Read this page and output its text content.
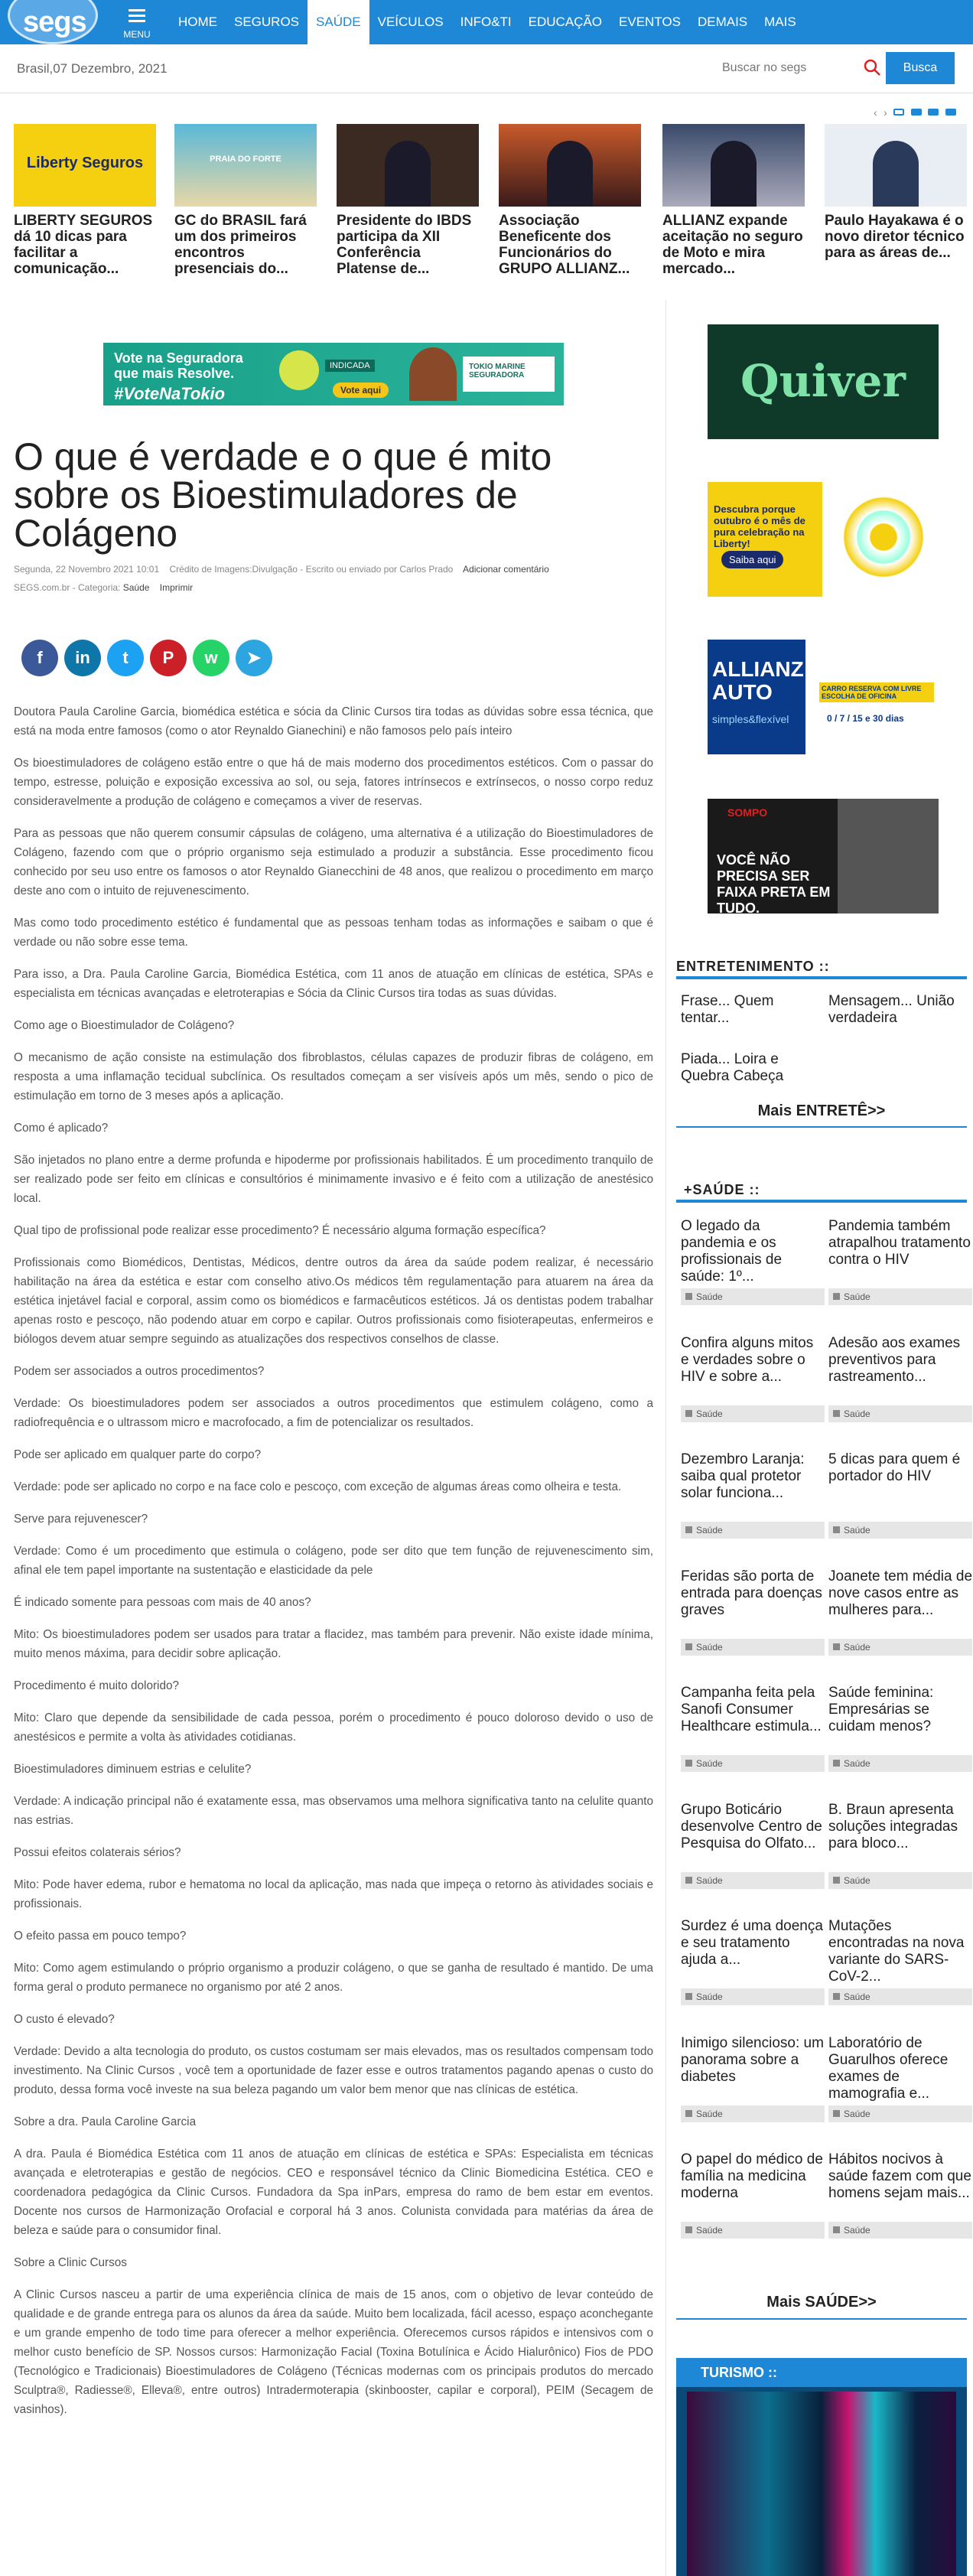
segs	MENU
HOME	SEGUROS	SAÚDE	VEÍCULOS	INFO&TI	EDUCAÇÃO	EVENTOS	DEMAIS	MAIS
Brasil,07 Dezembro, 2021
Buscar no segs	Busca
‹ ›
Liberty Seguros
LIBERTY SEGUROS dá 10 dicas para facilitar a comunicação...
PRAIA DO FORTE
GC do BRASIL fará um dos primeiros encontros presenciais do...
Presidente do IBDS participa da XII Conferência Platense de...
Associação Beneficente dos Funcionários do GRUPO ALLIANZ...
ALLIANZ expande aceitação no seguro de Moto e mira mercado...
Paulo Hayakawa é o novo diretor técnico para as áreas de...
Vote na Seguradora
que mais Resolve.
#VoteNaTokio
INDICADA
Vote aqui
TOKIO MARINE SEGURADORA
O que é verdade e o que é mito sobre os Bioestimuladores de Colágeno
Segunda, 22 Novembro 2021 10:01 Crédito de Imagens:Divulgação - Escrito ou enviado por Carlos Prado Adicionar comentário
SEGS.com.br - Categoria: Saúde Imprimir
f in t P w ➤

Doutora Paula Caroline Garcia, biomédica estética e sócia da Clinic Cursos tira todas as dúvidas sobre essa técnica, que está na moda entre famosos (como o ator Reynaldo Gianechini) e não famosos pelo país inteiro

Os bioestimuladores de colágeno estão entre o que há de mais moderno dos procedimentos estéticos. Com o passar do tempo, estresse, poluição e exposição excessiva ao sol, ou seja, fatores intrínsecos e extrínsecos, o nosso corpo reduz consideravelmente a produção de colágeno e começamos a viver de reservas.

Para as pessoas que não querem consumir cápsulas de colágeno, uma alternativa é a utilização do Bioestimuladores de Colágeno, fazendo com que o próprio organismo seja estimulado a produzir a substância. Esse procedimento ficou conhecido por seu uso entre os famosos o ator Reynaldo Gianecchini de 48 anos, que realizou o procedimento em março deste ano com o intuito de rejuvenescimento.

Mas como todo procedimento estético é fundamental que as pessoas tenham todas as informações e saibam o que é verdade ou não sobre esse tema.

Para isso, a Dra. Paula Caroline Garcia, Biomédica Estética, com 11 anos de atuação em clínicas de estética, SPAs e especialista em técnicas avançadas e eletroterapias e Sócia da Clinic Cursos tira todas as suas dúvidas.

Como age o Bioestimulador de Colágeno?

O mecanismo de ação consiste na estimulação dos fibroblastos, células capazes de produzir fibras de colágeno, em resposta a uma inflamação tecidual subclínica. Os resultados começam a ser visíveis após um mês, sendo o pico de estimulação em torno de 3 meses após a aplicação.

Como é aplicado?

São injetados no plano entre a derme profunda e hipoderme por profissionais habilitados. É um procedimento tranquilo de ser realizado pode ser feito em clínicas e consultórios é minimamente invasivo e é feito com a utilização de anestésico local.

Qual tipo de profissional pode realizar esse procedimento? É necessário alguma formação específica?

Profissionais como Biomédicos, Dentistas, Médicos, dentre outros da área da saúde podem realizar, é necessário habilitação na área da estética e estar com conselho ativo.Os médicos têm regulamentação para atuarem na área da estética injetável facial e corporal, assim como os biomédicos e farmacêuticos estéticos. Já os dentistas podem trabalhar apenas rosto e pescoço, não podendo atuar em corpo e capilar. Outros profissionais como fisioterapeutas, enfermeiros e biólogos devem atuar sempre seguindo as atualizações dos respectivos conselhos de classe.

Podem ser associados a outros procedimentos?

Verdade: Os bioestimuladores podem ser associados a outros procedimentos que estimulem colágeno, como a radiofrequência e o ultrassom micro e macrofocado, a fim de potencializar os resultados.

Pode ser aplicado em qualquer parte do corpo?

Verdade: pode ser aplicado no corpo e na face colo e pescoço, com exceção de algumas áreas como olheira e testa.

Serve para rejuvenescer?

Verdade: Como é um procedimento que estimula o colágeno, pode ser dito que tem função de rejuvenescimento sim, afinal ele tem papel importante na sustentação e elasticidade da pele

É indicado somente para pessoas com mais de 40 anos?

Mito: Os bioestimuladores podem ser usados para tratar a flacidez, mas também para prevenir. Não existe idade mínima, muito menos máxima, para decidir sobre aplicação.

Procedimento é muito dolorido?

Mito: Claro que depende da sensibilidade de cada pessoa, porém o procedimento é pouco doloroso devido o uso de anestésicos e permite a volta às atividades cotidianas.

Bioestimuladores diminuem estrias e celulite?

Verdade: A indicação principal não é exatamente essa, mas observamos uma melhora significativa tanto na celulite quanto nas estrias.

Possui efeitos colaterais sérios?

Mito: Pode haver edema, rubor e hematoma no local da aplicação, mas nada que impeça o retorno às atividades sociais e profissionais.

O efeito passa em pouco tempo?

Mito: Como agem estimulando o próprio organismo a produzir colágeno, o que se ganha de resultado é mantido. De uma forma geral o produto permanece no organismo por até 2 anos.

O custo é elevado?

Verdade: Devido a alta tecnologia do produto, os custos costumam ser mais elevados, mas os resultados compensam todo investimento. Na Clinic Cursos , você tem a oportunidade de fazer esse e outros tratamentos pagando apenas o custo do produto, dessa forma você investe na sua beleza pagando um valor bem menor que nas clínicas de estética.

Sobre a dra. Paula Caroline Garcia

A dra. Paula é Biomédica Estética com 11 anos de atuação em clínicas de estética e SPAs: Especialista em técnicas avançada e eletroterapias e gestão de negócios. CEO e responsável técnico da Clinic Biomedicina Estética. CEO e coordenadora pedagógica da Clinic Cursos. Fundadora da Spa inPars, empresa do ramo de bem estar em eventos. Docente nos cursos de Harmonização Orofacial e corporal há 3 anos. Colunista convidada para matérias da área de beleza e saúde para o consumidor final.

Sobre a Clinic Cursos

A Clinic Cursos nasceu a partir de uma experiência clínica de mais de 15 anos, com o objetivo de levar conteúdo de qualidade e de grande entrega para os alunos da área da saúde. Muito bem localizada, fácil acesso, espaço aconchegante e um grande empenho de todo time para oferecer a melhor experiência. Oferecemos cursos rápidos e intensivos com o melhor custo benefício de SP. Nossos cursos: Harmonização Facial (Toxina Botulínica e Ácido Hialurônico) Fios de PDO (Tecnológico e Tradicionais) Bioestimuladores de Colágeno (Técnicas modernas com os principais produtos do mercado Sculptra®, Radiesse®, Elleva®, entre outros) Intradermoterapia (skinbooster, capilar e corporal), PEIM (Secagem de vasinhos).

Quiver
Descubra porque outubro é o mês de pura celebração na Liberty!
Saiba aqui
ALLIANZ AUTO
simples&flexível
CARRO RESERVA COM LIVRE ESCOLHA DE OFICINA
0 / 7 / 15 e 30 dias
SOMPO
VOCÊ NÃO PRECISA SER FAIXA PRETA EM TUDO.
ENTRETENIMENTO ::
Frase... Quem tentar...
Mensagem... União verdadeira
Piada... Loira e Quebra Cabeça
Mais ENTRETÊ>>
+SAÚDE ::
O legado da pandemia e os profissionais de saúde: 1º...
Saúde
Pandemia também atrapalhou tratamento contra o HIV
Saúde
Confira alguns mitos e verdades sobre o HIV e sobre a...
Saúde
Adesão aos exames preventivos para rastreamento...
Saúde
Dezembro Laranja: saiba qual protetor solar funciona...
Saúde
5 dicas para quem é portador do HIV
Saúde
Feridas são porta de entrada para doenças graves
Saúde
Joanete tem média de nove casos entre as mulheres para...
Saúde
Campanha feita pela Sanofi Consumer Healthcare estimula...
Saúde
Saúde feminina: Empresárias se cuidam menos?
Saúde
Grupo Boticário desenvolve Centro de Pesquisa do Olfato...
Saúde
B. Braun apresenta soluções integradas para bloco...
Saúde
Surdez é uma doença e seu tratamento ajuda a...
Saúde
Mutações encontradas na nova variante do SARS-CoV-2...
Saúde
Inimigo silencioso: um panorama sobre a diabetes
Saúde
Laboratório de Guarulhos oferece exames de mamografia e...
Saúde
O papel do médico de família na medicina moderna
Saúde
Hábitos nocivos à saúde fazem com que homens sejam mais...
Saúde
Mais SAÚDE>>
TURISMO ::
